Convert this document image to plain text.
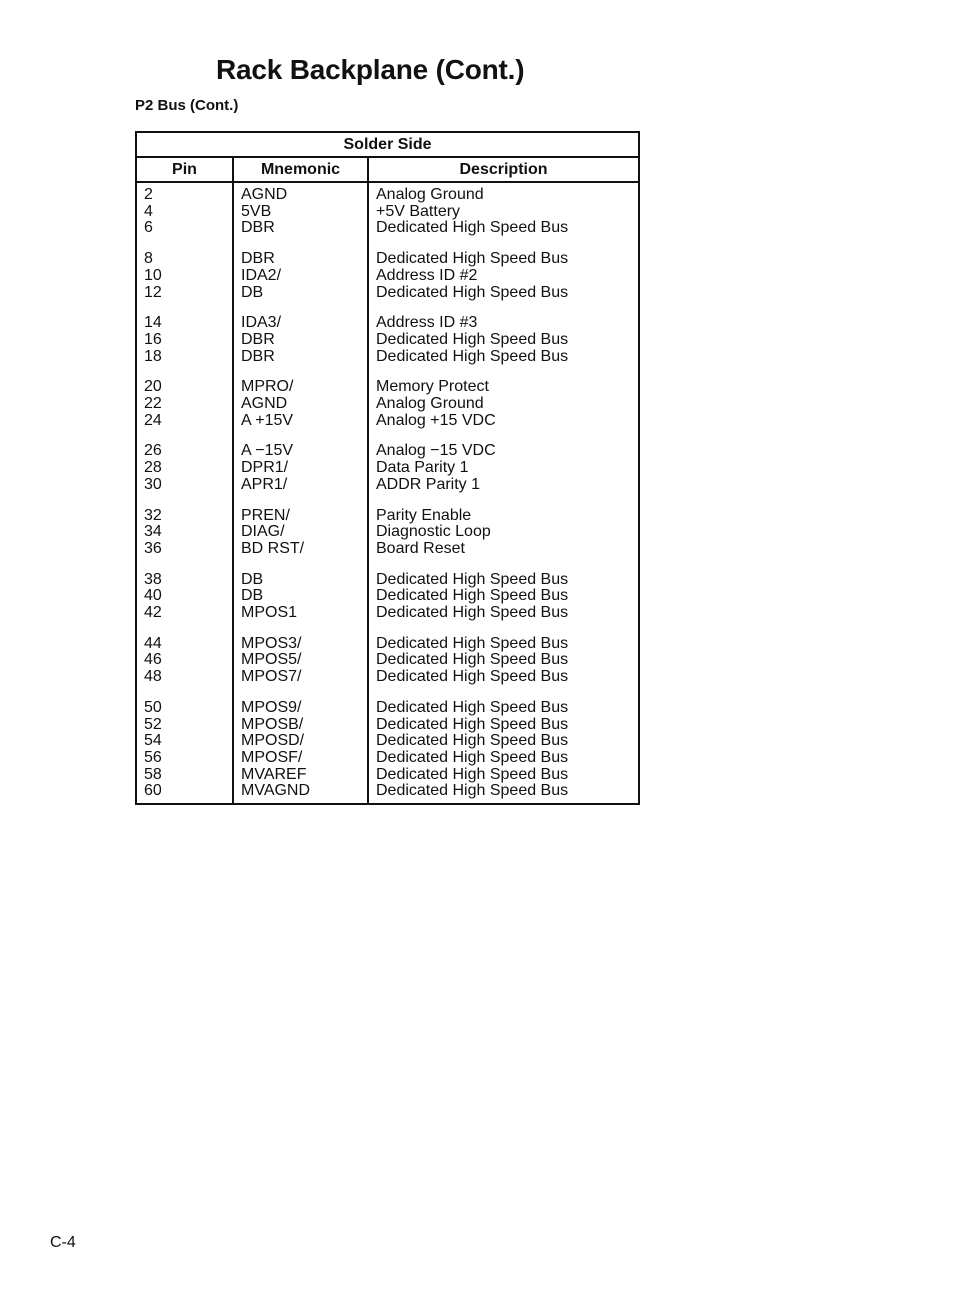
Rack Backplane (Cont.)
P2 Bus (Cont.)
Solder Side		
Pin	Mnemonic	Description
2	AGND	Analog Ground
4	5VB	+5V Battery
6	DBR	Dedicated High Speed Bus
8	DBR	Dedicated High Speed Bus
10	IDA2/	Address ID #2
12	DB	Dedicated High Speed Bus
14	IDA3/	Address ID #3
16	DBR	Dedicated High Speed Bus
18	DBR	Dedicated High Speed Bus
20	MPRO/	Memory Protect
22	AGND	Analog Ground
24	A +15V	Analog +15 VDC
26	A −15V	Analog −15 VDC
28	DPR1/	Data Parity 1
30	APR1/	ADDR Parity 1
32	PREN/	Parity Enable
34	DIAG/	Diagnostic Loop
36	BD RST/	Board Reset
38	DB	Dedicated High Speed Bus
40	DB	Dedicated High Speed Bus
42	MPOS1	Dedicated High Speed Bus
44	MPOS3/	Dedicated High Speed Bus
46	MPOS5/	Dedicated High Speed Bus
48	MPOS7/	Dedicated High Speed Bus
50	MPOS9/	Dedicated High Speed Bus
52	MPOSB/	Dedicated High Speed Bus
54	MPOSD/	Dedicated High Speed Bus
56	MPOSF/	Dedicated High Speed Bus
58	MVAREF	Dedicated High Speed Bus
60	MVAGND	Dedicated High Speed Bus
C-4
